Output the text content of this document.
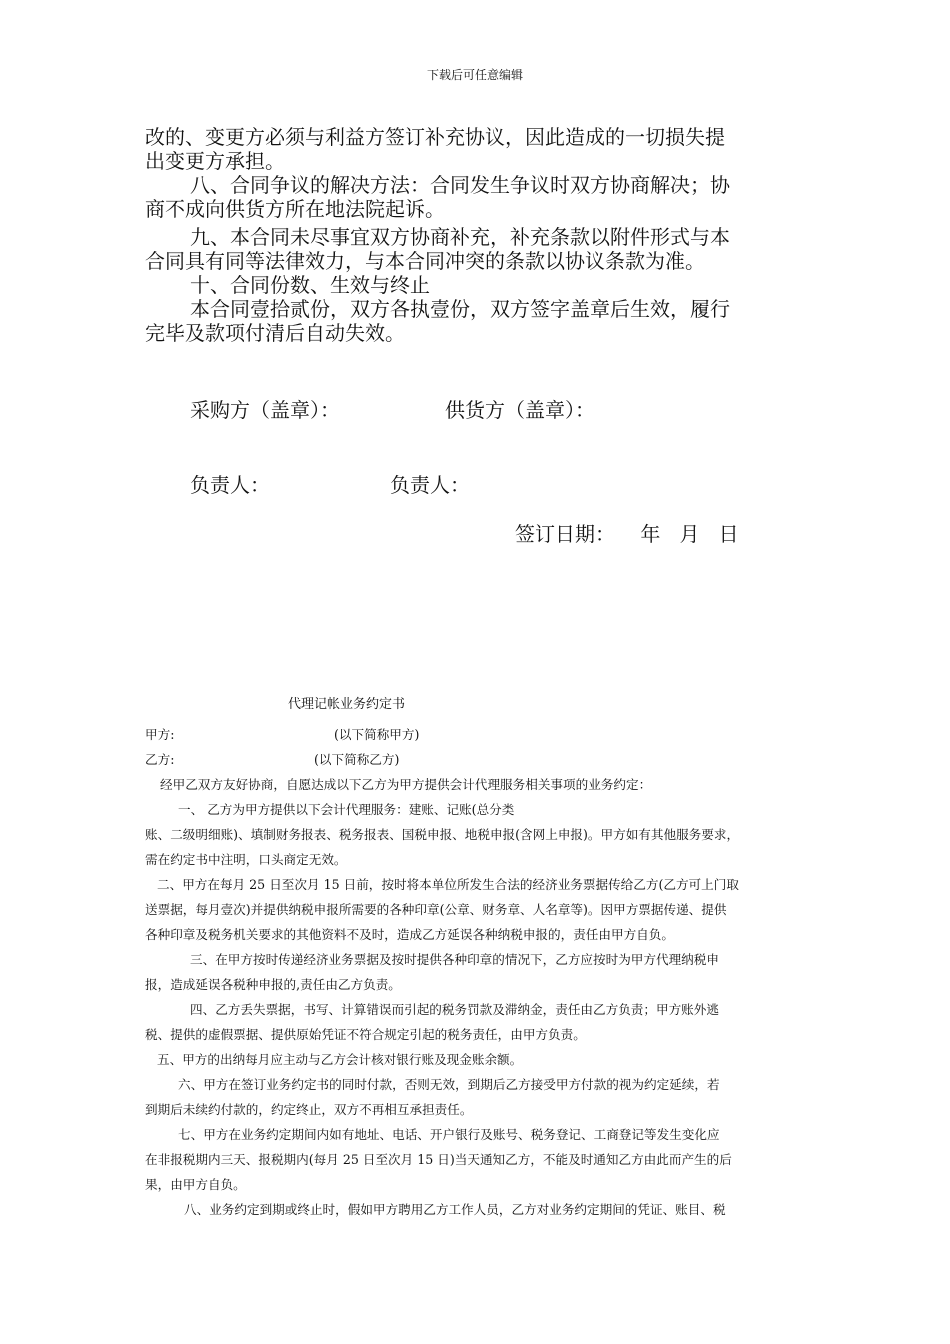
下载后可任意编辑
改的、变更方必须与利益方签订补充协议，因此造成的一切损失提
出变更方承担。
八、合同争议的解决方法：合同发生争议时双方协商解决；协
商不成向供货方所在地法院起诉。
九、本合同未尽事宜双方协商补充，补充条款以附件形式与本
合同具有同等法律效力，与本合同冲突的条款以协议条款为准。
十、合同份数、生效与终止
本合同壹拾贰份，双方各执壹份，双方签字盖章后生效，履行
完毕及款项付清后自动失效。
采购方（盖章）：	供货方（盖章）：
负责人：	负责人：
签订日期：    年   月   日
代理记帐业务约定书
甲方:	(以下简称甲方)
乙方:	(以下简称乙方)
经甲乙双方友好协商，自愿达成以下乙方为甲方提供会计代理服务相关事项的业务约定：
一、 乙方为甲方提供以下会计代理服务：建账、记账(总分类
账、二级明细账)、填制财务报表、税务报表、国税申报、地税申报(含网上申报)。甲方如有其他服务要求，
需在约定书中注明，口头商定无效。
二、甲方在每月 25 日至次月 15 日前，按时将本单位所发生合法的经济业务票据传给乙方(乙方可上门取
送票据，每月壹次)并提供纳税申报所需要的各种印章(公章、财务章、人名章等)。因甲方票据传递、提供
各种印章及税务机关要求的其他资料不及时，造成乙方延误各种纳税申报的，责任由甲方自负。
三、在甲方按时传递经济业务票据及按时提供各种印章的情况下，乙方应按时为甲方代理纳税申
报，造成延误各税种申报的,责任由乙方负责。
四、乙方丢失票据，书写、计算错误而引起的税务罚款及滞纳金，责任由乙方负责；甲方账外逃
税、提供的虚假票据、提供原始凭证不符合规定引起的税务责任，由甲方负责。
五、甲方的出纳每月应主动与乙方会计核对银行账及现金账余额。
六、甲方在签订业务约定书的同时付款，否则无效，到期后乙方接受甲方付款的视为约定延续，若
到期后未续约付款的，约定终止，双方不再相互承担责任。
七、甲方在业务约定期间内如有地址、电话、开户银行及账号、税务登记、工商登记等发生变化应
在非报税期内三天、报税期内(每月 25 日至次月 15 日)当天通知乙方，不能及时通知乙方由此而产生的后
果，由甲方自负。
八、业务约定到期或终止时，假如甲方聘用乙方工作人员，乙方对业务约定期间的凭证、账目、税
